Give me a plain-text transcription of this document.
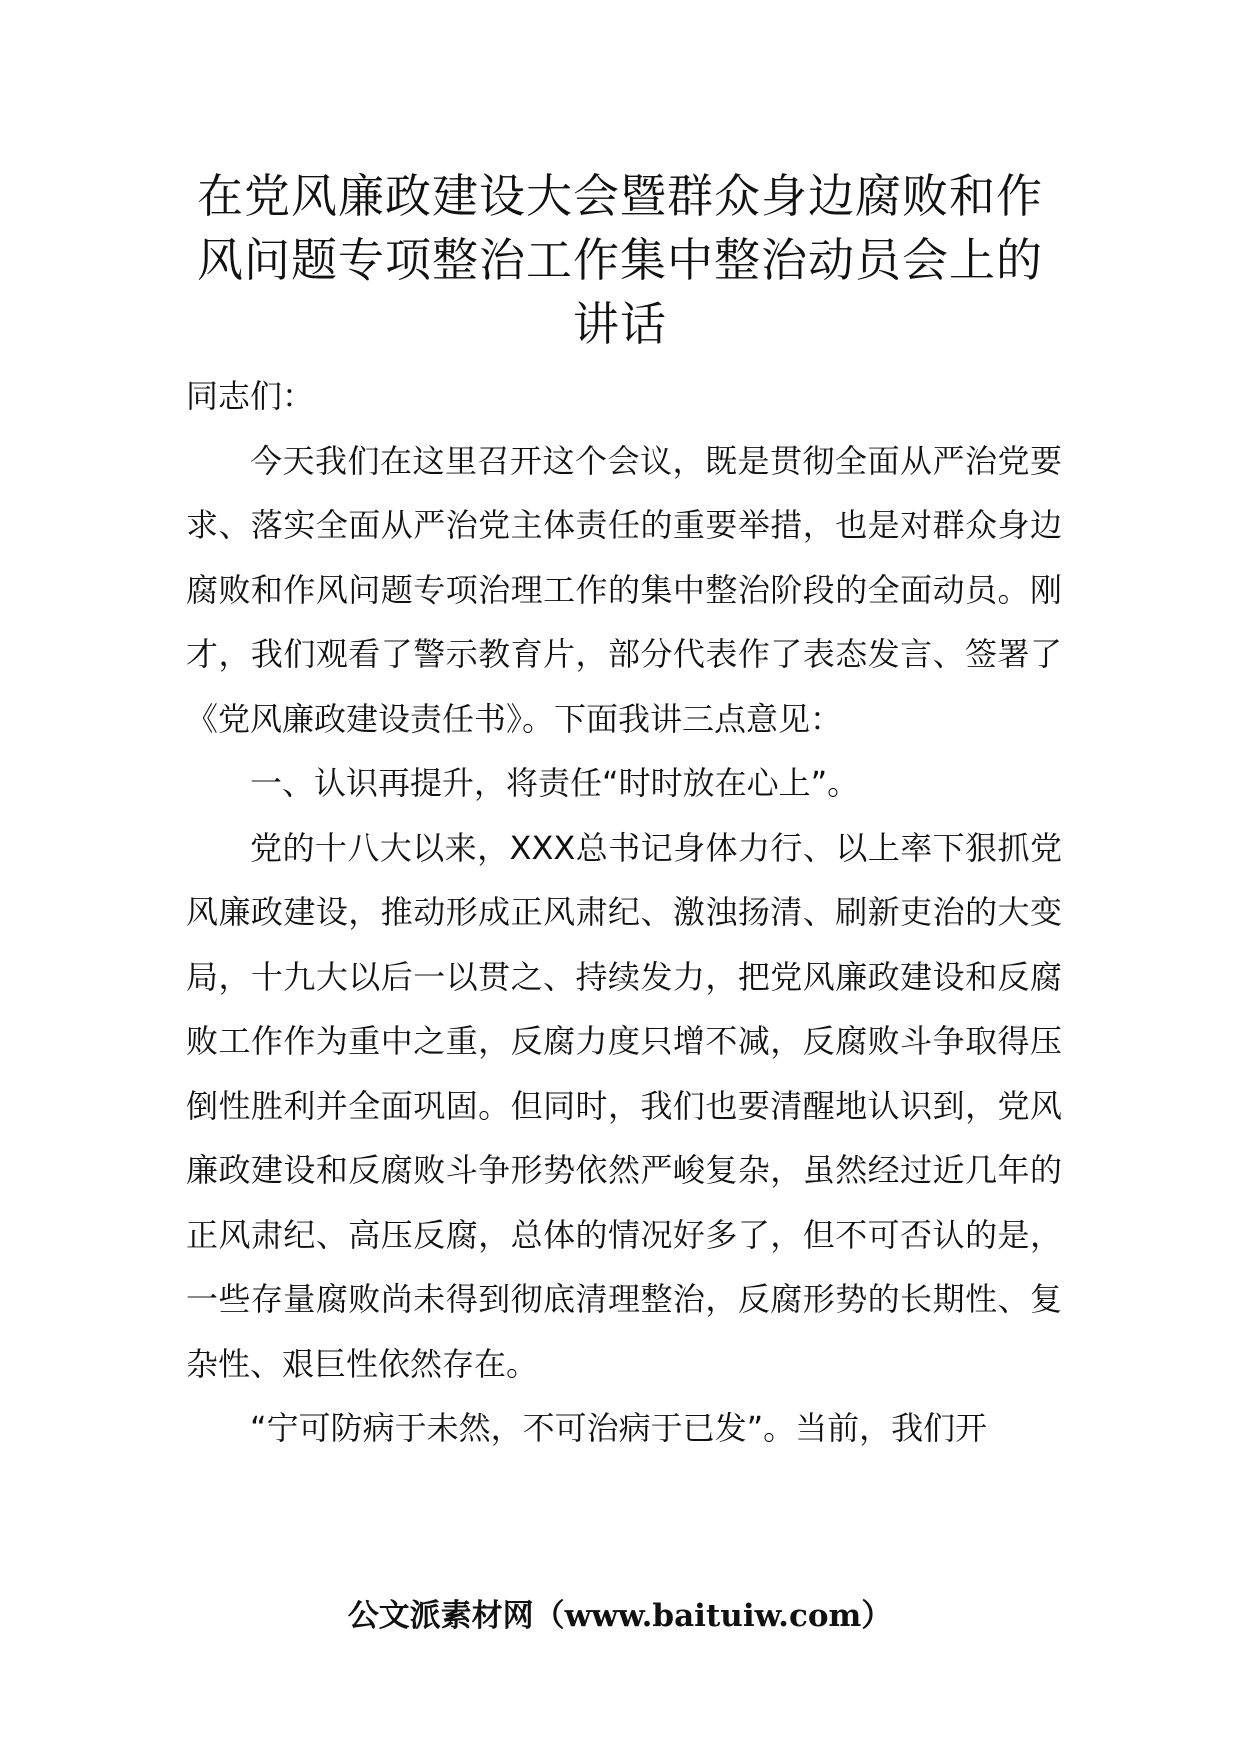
在党风廉政建设大会暨群众身边腐败和作风问题专项整治工作集中整治动员会上的讲话

同志们：

今天我们在这里召开这个会议，既是贯彻全面从严治党要求、落实全面从严治党主体责任的重要举措，也是对群众身边腐败和作风问题专项治理工作的集中整治阶段的全面动员。刚才，我们观看了警示教育片，部分代表作了表态发言、签署了《党风廉政建设责任书》。下面我讲三点意见：

一、认识再提升，将责任“时时放在心上”。

党的十八大以来，XXX总书记身体力行、以上率下狠抓党风廉政建设，推动形成正风肃纪、激浊扬清、刷新吏治的大变局，十九大以后一以贯之、持续发力，把党风廉政建设和反腐败工作作为重中之重，反腐力度只增不减，反腐败斗争取得压倒性胜利并全面巩固。但同时，我们也要清醒地认识到，党风廉政建设和反腐败斗争形势依然严峻复杂，虽然经过近几年的正风肃纪、高压反腐，总体的情况好多了，但不可否认的是，一些存量腐败尚未得到彻底清理整治，反腐形势的长期性、复杂性、艰巨性依然存在。

“宁可防病于未然，不可治病于已发”。当前，我们开

公文派素材网（www.baituiw.com）
